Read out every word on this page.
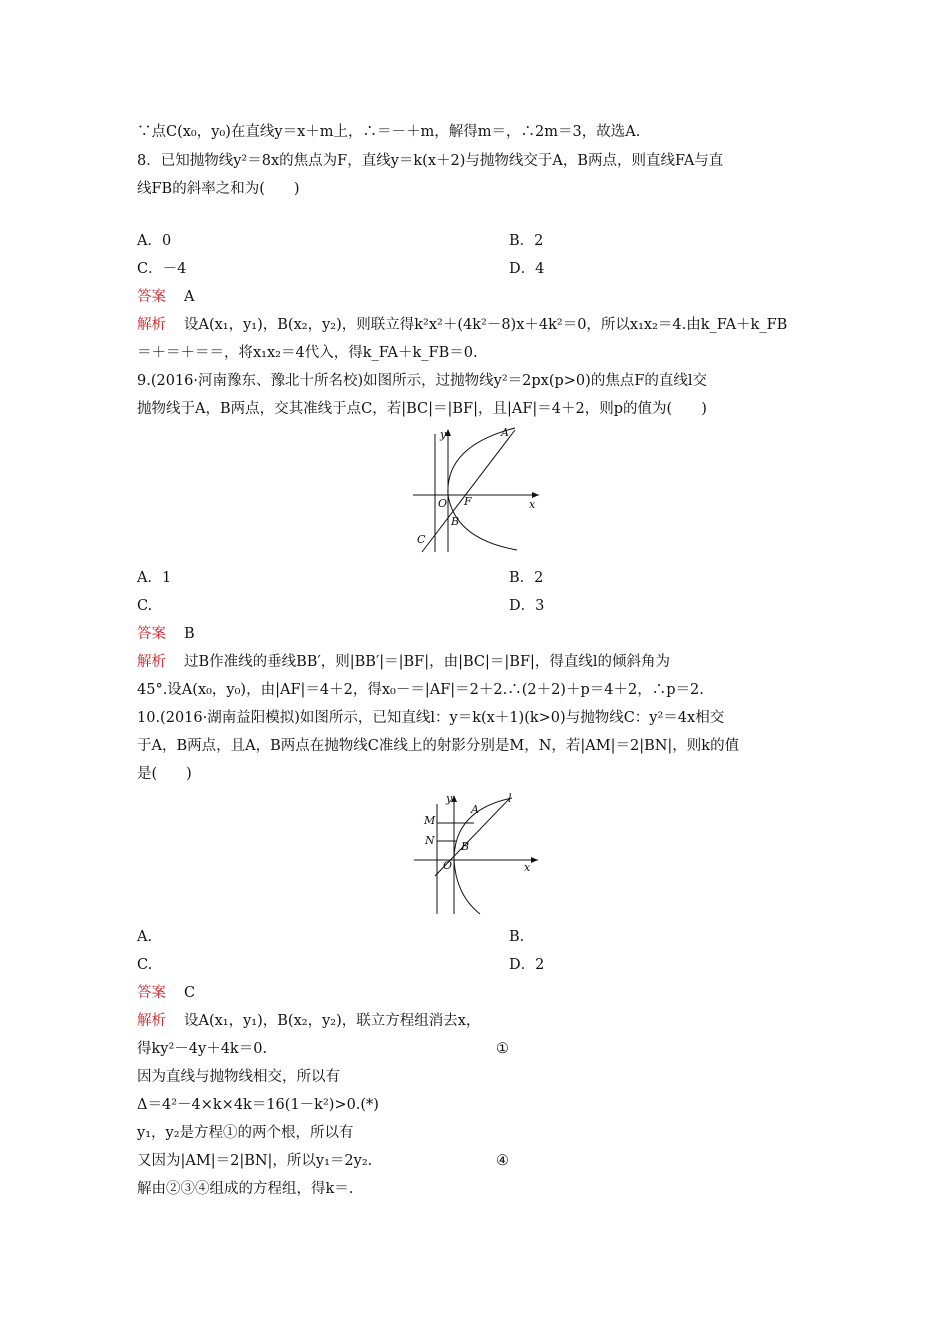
∵点C(x₀，y₀)在直线y＝x＋m上，∴＝－＋m，解得m＝，∴2m＝3，故选A.
8．已知抛物线y²＝8x的焦点为F，直线y＝k(x＋2)与抛物线交于A，B两点，则直线FA与直
线FB的斜率之和为(　　)
A．0	B．2
C．－4	D．4
答案 A
解析 设A(x₁，y₁)，B(x₂，y₂)，则联立得k²x²＋(4k²－8)x＋4k²＝0，所以x₁x₂＝4.由k_FA＋k_FB
＝＋＝＋＝＝，将x₁x₂＝4代入，得k_FA＋k_FB＝0.
9.(2016·河南豫东、豫北十所名校)如图所示，过抛物线y²＝2px(p>0)的焦点F的直线l交
抛物线于A，B两点，交其准线于点C，若|BC|＝|BF|，且|AF|＝4＋2，则p的值为(　　)
y
x
O F
A
B
C
A．1	B．2
C.	D．3
答案 B
解析 过B作准线的垂线BB′，则|BB′|＝|BF|，由|BC|＝|BF|，得直线l的倾斜角为
45°.设A(x₀，y₀)，由|AF|＝4＋2，得x₀－＝|AF|＝2＋2.∴(2＋2)＋p＝4＋2，∴p＝2.
10.(2016·湖南益阳模拟)如图所示，已知直线l：y＝k(x＋1)(k>0)与抛物线C：y²＝4x相交
于A，B两点，且A，B两点在抛物线C准线上的射影分别是M，N，若|AM|＝2|BN|，则k的值
是(　　)
y
x
O
A
B
M
N
l
A.	B.
C.	D．2
答案 C
解析 设A(x₁，y₁)，B(x₂，y₂)，联立方程组消去x，
得ky²－4y＋4k＝0.	①
因为直线与抛物线相交，所以有
Δ＝4²－4×k×4k＝16(1－k²)>0.(*)
y₁，y₂是方程①的两个根，所以有
又因为|AM|＝2|BN|，所以y₁＝2y₂.	④
解由②③④组成的方程组，得k＝.
